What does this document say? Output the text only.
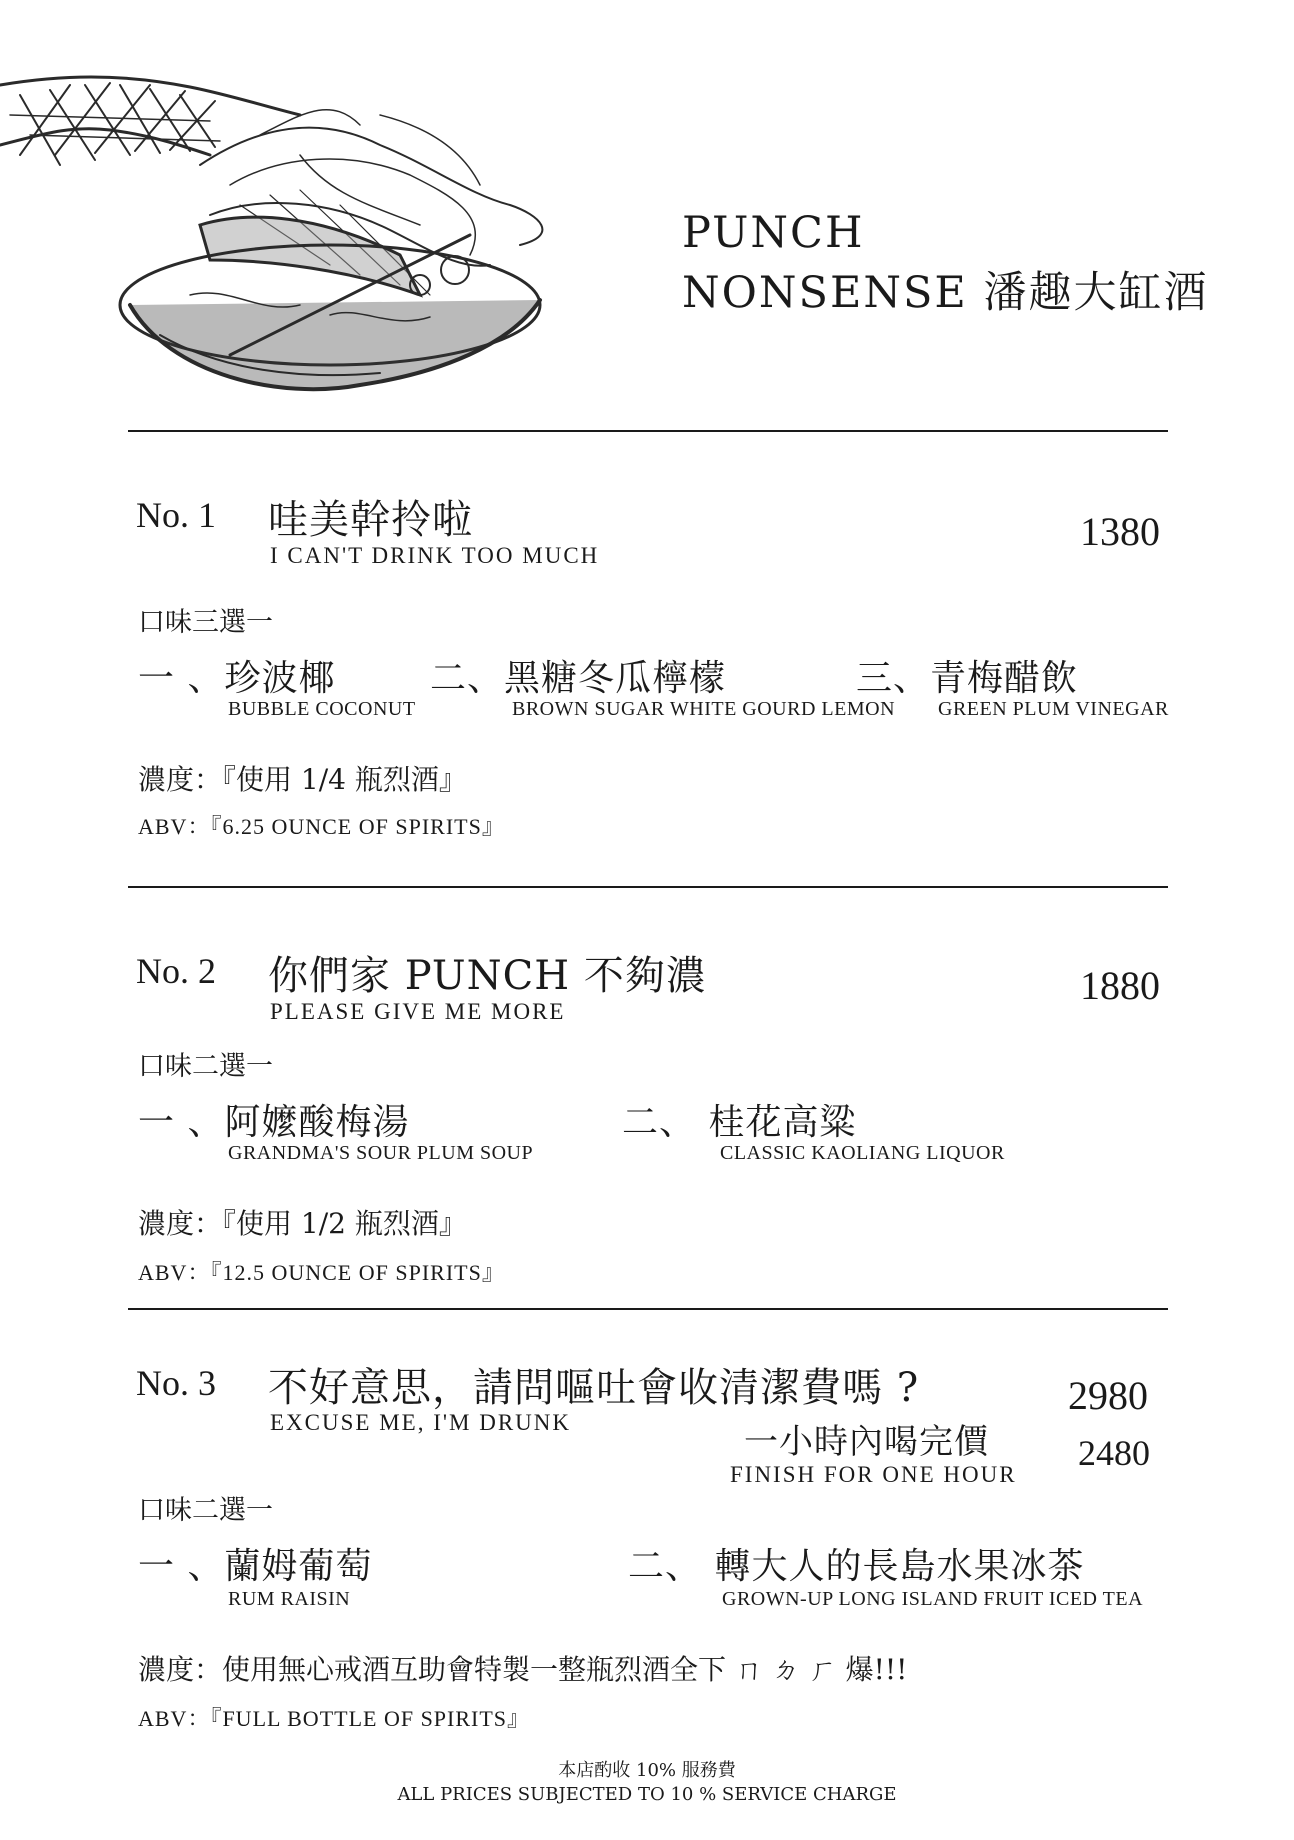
PUNCH
NONSENSE 潘趣大缸酒
No. 1 哇美幹拎啦
I CAN'T DRINK TOO MUCH
1380
口味三選一
一 、珍波椰
BUBBLE COCONUT
二、黑糖冬瓜檸檬
BROWN SUGAR WHITE GOURD LEMON
三、青梅醋飲
GREEN PLUM VINEGAR
濃度：『使用 1/4 瓶烈酒』
ABV：『6.25 OUNCE OF SPIRITS』
No. 2 你們家 PUNCH 不夠濃
PLEASE GIVE ME MORE
1880
口味二選一
一 、阿嬤酸梅湯
GRANDMA'S SOUR PLUM SOUP
二、 桂花高粱
CLASSIC KAOLIANG LIQUOR
濃度：『使用 1/2 瓶烈酒』
ABV：『12.5 OUNCE OF SPIRITS』
No. 3 不好意思，請問嘔吐會收清潔費嗎 ?
EXCUSE ME, I'M DRUNK
2980
一小時內喝完價
FINISH FOR ONE HOUR
2480
口味二選一
一 、蘭姆葡萄
RUM RAISIN
二、 轉大人的長島水果冰茶
GROWN-UP LONG ISLAND FRUIT ICED TEA
濃度：使用無心戒酒互助會特製一整瓶烈酒全下 ㄇ ㄉ ㄏ 爆!!!
ABV：『FULL BOTTLE OF SPIRITS』
本店酌收 10% 服務費
ALL PRICES SUBJECTED TO 10 % SERVICE CHARGE
